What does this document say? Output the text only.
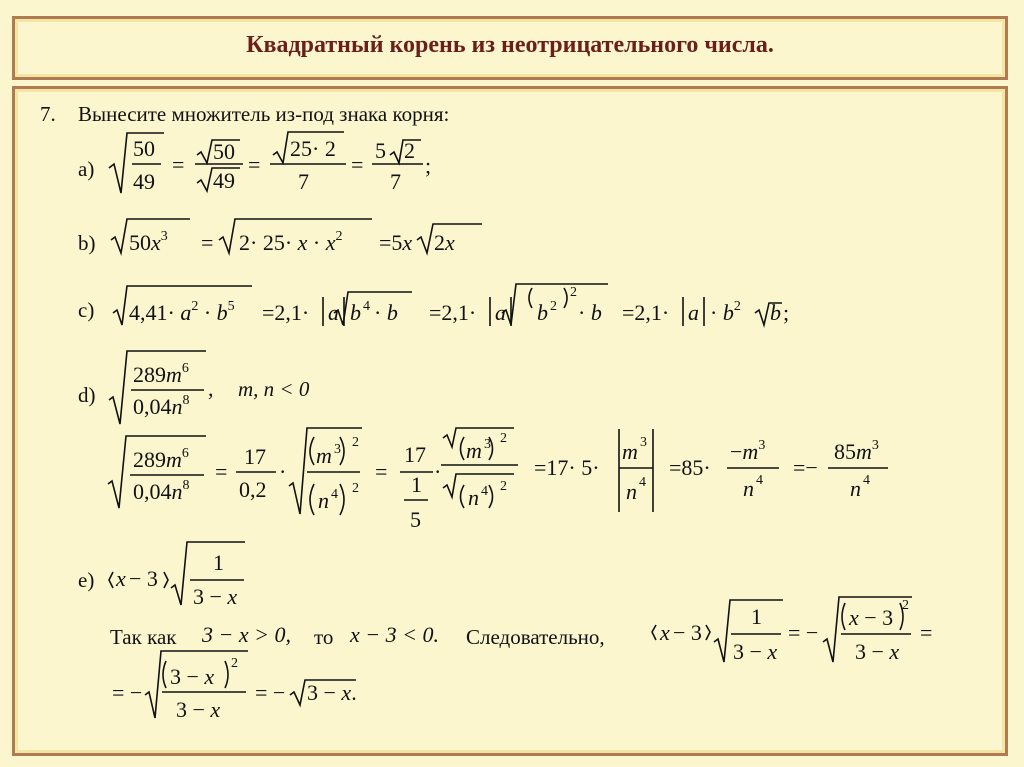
Квадратный корень из неотрицательного числа.
7. Вынесите множитель из-под знака корня:
a)
b)
c)
d)	m, n < 0
e)
Так как 3 − x > 0, то x − 3 < 0. Следовательно,
50
49
=
50
49
=
25· 2
7
=
5 2
7
;
$50x^3 = 2\cdot 25\cdot x \cdot x^2 =5x$ 2x
$4,41\cdot a^2 \cdot b^5 =2,1\cdot a$ b 4 · b =2,1· a b 2
2
· $b =2,1\cdot a \cdot b^2$ b ;
$289m^6$
$0,04n^8$ ,
$289m^6$
$0,04n^8$
=
17
0,2
·
m 3 2
n 4 2
=
17
1
5
·
m 3 2
n 4 2
=17· 5·
m 3
n 4
=85·
$-m^3$
n 4
=−
$85m^3$
n 4
x − 3
1
3 − x
x − 3
1
3 − x
= −
x − 3 2
3 − x
=
= −
3 − x
2
3 − x
= − 3 − x.
